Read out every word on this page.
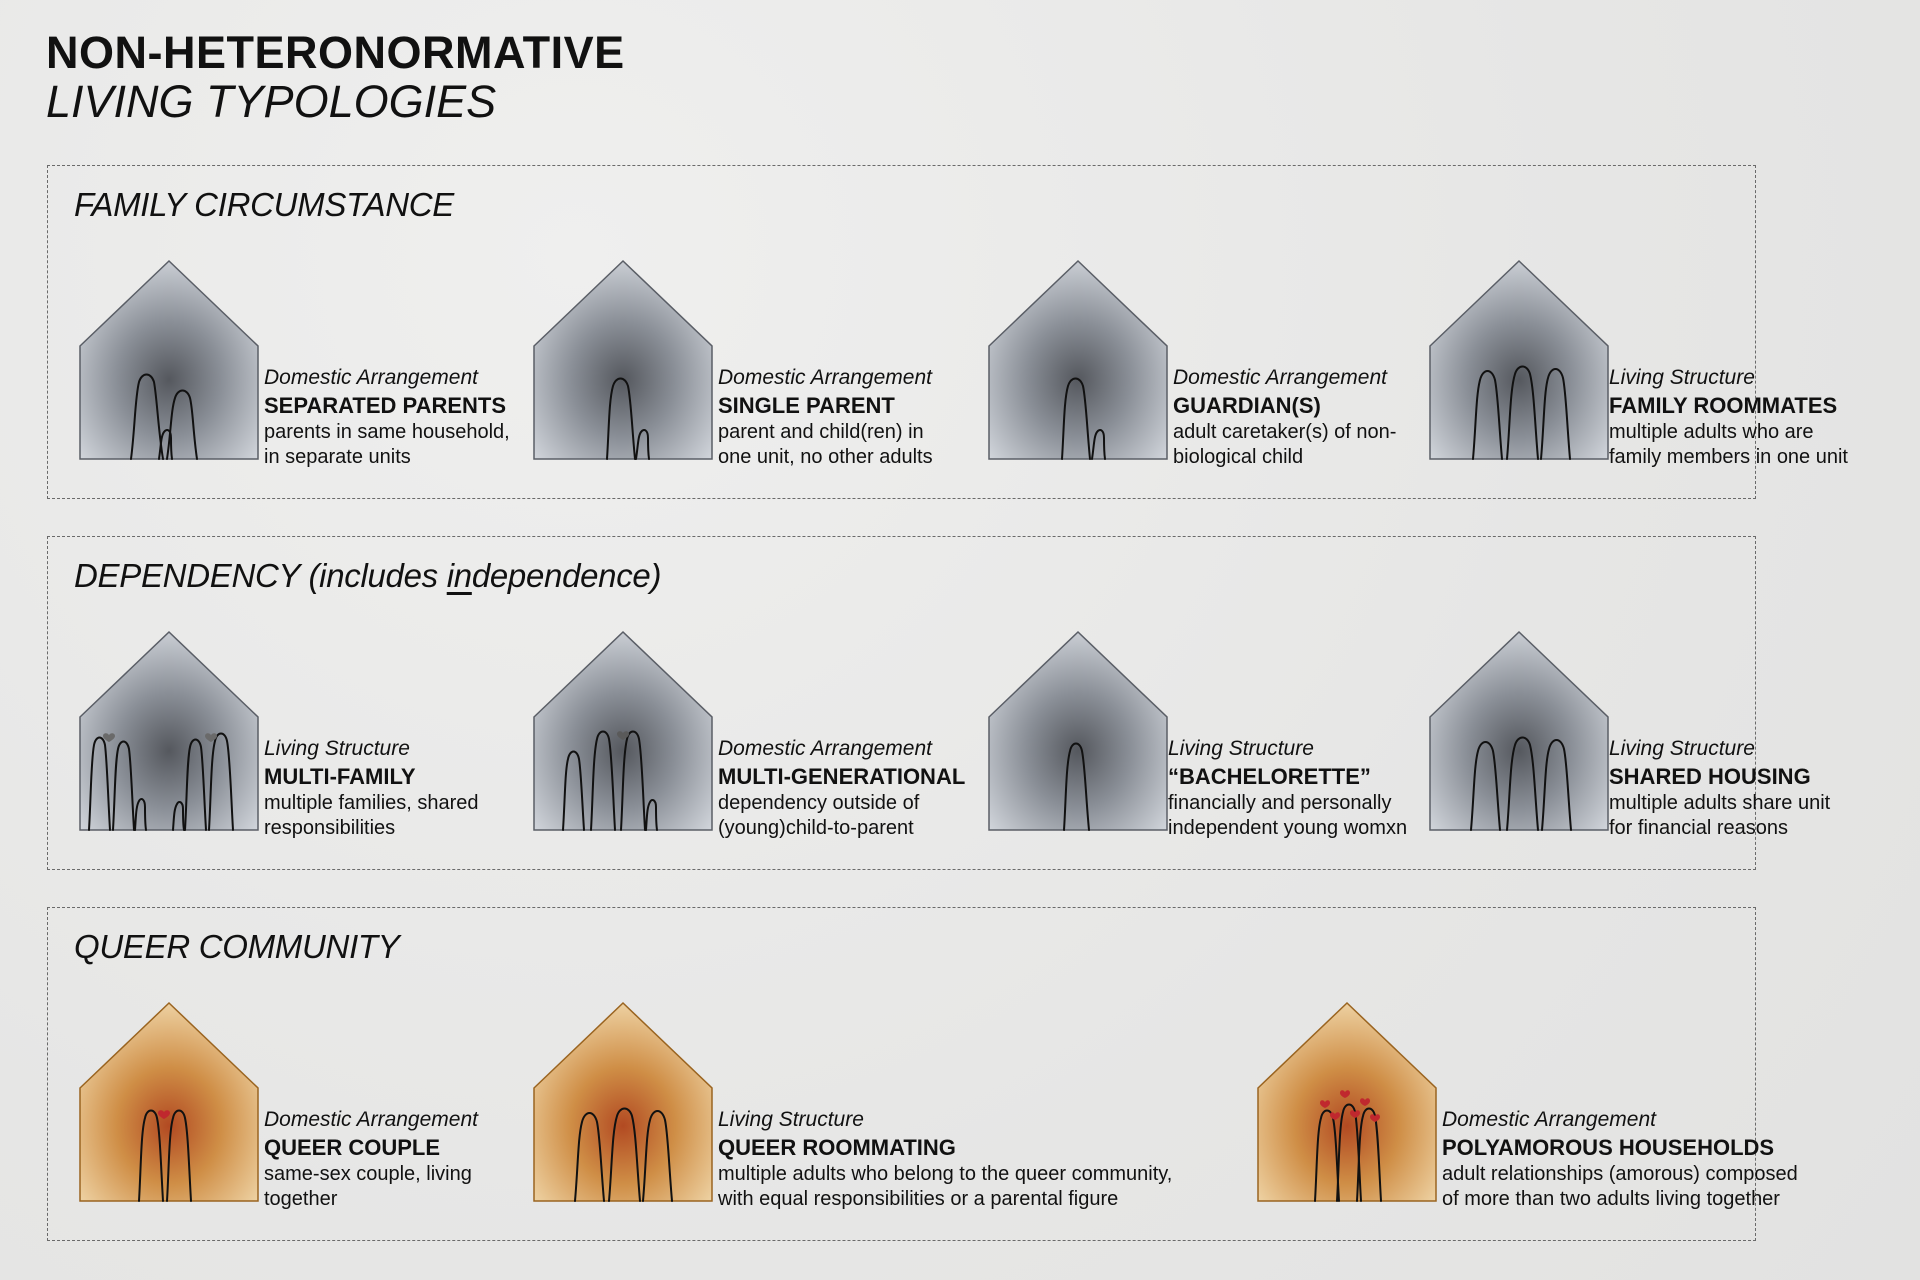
NON-HETERONORMATIVE
LIVING TYPOLOGIES
FAMILY CIRCUMSTANCE
Domestic Arrangement
SEPARATED PARENTS
parents in same household,
in separate units
Domestic Arrangement
SINGLE PARENT
parent and child(ren) in
one unit, no other adults
Domestic Arrangement
GUARDIAN(S)
adult caretaker(s) of non-
biological child
Living Structure
FAMILY ROOMMATES
multiple adults who are
family members in one unit
DEPENDENCY (includes independence)
Living Structure
MULTI-FAMILY
multiple families, shared
responsibilities
Domestic Arrangement
MULTI-GENERATIONAL
dependency outside of
(young)child-to-parent
Living Structure
“BACHELORETTE”
financially and personally
independent young womxn
Living Structure
SHARED HOUSING
multiple adults share unit
for financial reasons
QUEER COMMUNITY
Domestic Arrangement
QUEER COUPLE
same-sex couple, living
together
Living Structure
QUEER ROOMMATING
multiple adults who belong to the queer community,
with equal responsibilities or a parental figure
Domestic Arrangement
POLYAMOROUS HOUSEHOLDS
adult relationships (amorous) composed
of more than two adults living together
